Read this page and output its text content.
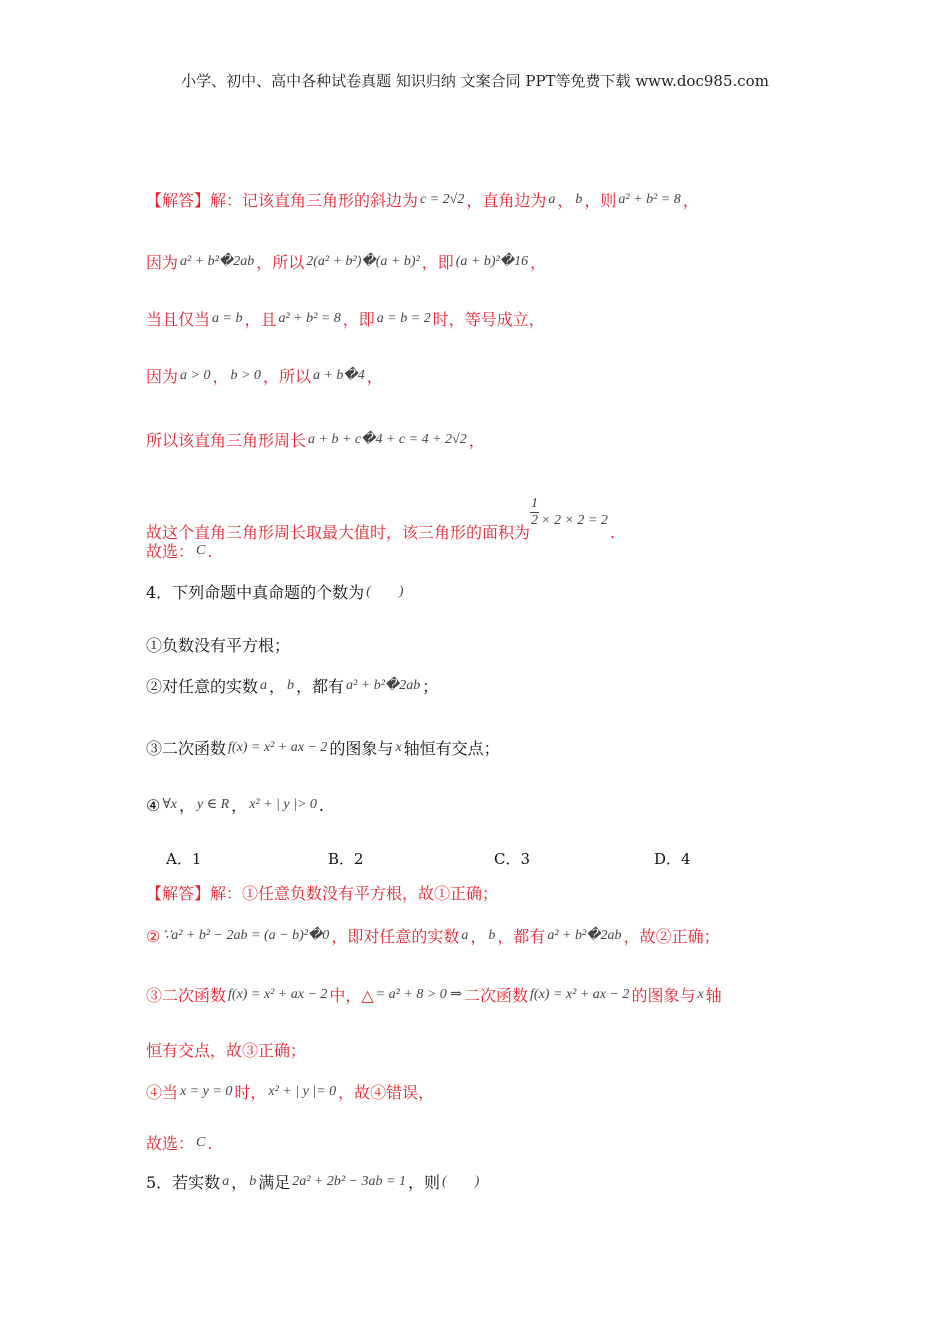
小学、初中、高中各种试卷真题 知识归纳 文案合同 PPT等免费下载 www.doc985.com
【解答】解：记该直角三角形的斜边为 c = 2√2 ，直角边为 a ， b ，则 a² + b² = 8 ，
因为 a² + b²�2ab ，所以 2(a² + b²)�(a + b)² ，即 (a + b)²�16 ，
当且仅当 a = b ，且 a² + b² = 8 ，即 a = b = 2 时，等号成立，
因为 a > 0 ， b > 0 ，所以 a + b�4 ，
所以该直角三角形周长 a + b + c�4 + c = 4 + 2√2 ，
故这个直角三角形周长取最大值时，该三角形的面积为
$\frac{1}{2} \times 2 \times 2 = 2$.
故选： C .
4．下列命题中真命题的个数为 (　　)
①负数没有平方根；
②对任意的实数 a ， b ，都有 a² + b²�2ab ；
③二次函数 f(x) = x² + ax − 2 的图象与 x 轴恒有交点；
④ ∀x ， y ∈ R ， x² + | y |> 0 .
A．1	B．2	C．3	D．4
【解答】解：①任意负数没有平方根，故①正确；
② ∵a² + b² − 2ab = (a − b)²�0 ，即对任意的实数 a ， b ，都有 a² + b²�2ab ，故②正确；
③二次函数 f(x) = x² + ax − 2 中，△ = a² + 8 > 0 ⇒ 二次函数 f(x) = x² + ax − 2 的图象与 x 轴
恒有交点，故③正确；
④当 x = y = 0 时， x² + | y |= 0 ，故④错误，
故选： C .
5．若实数 a ， b 满足 2a² + 2b² − 3ab = 1 ，则 (　　)
